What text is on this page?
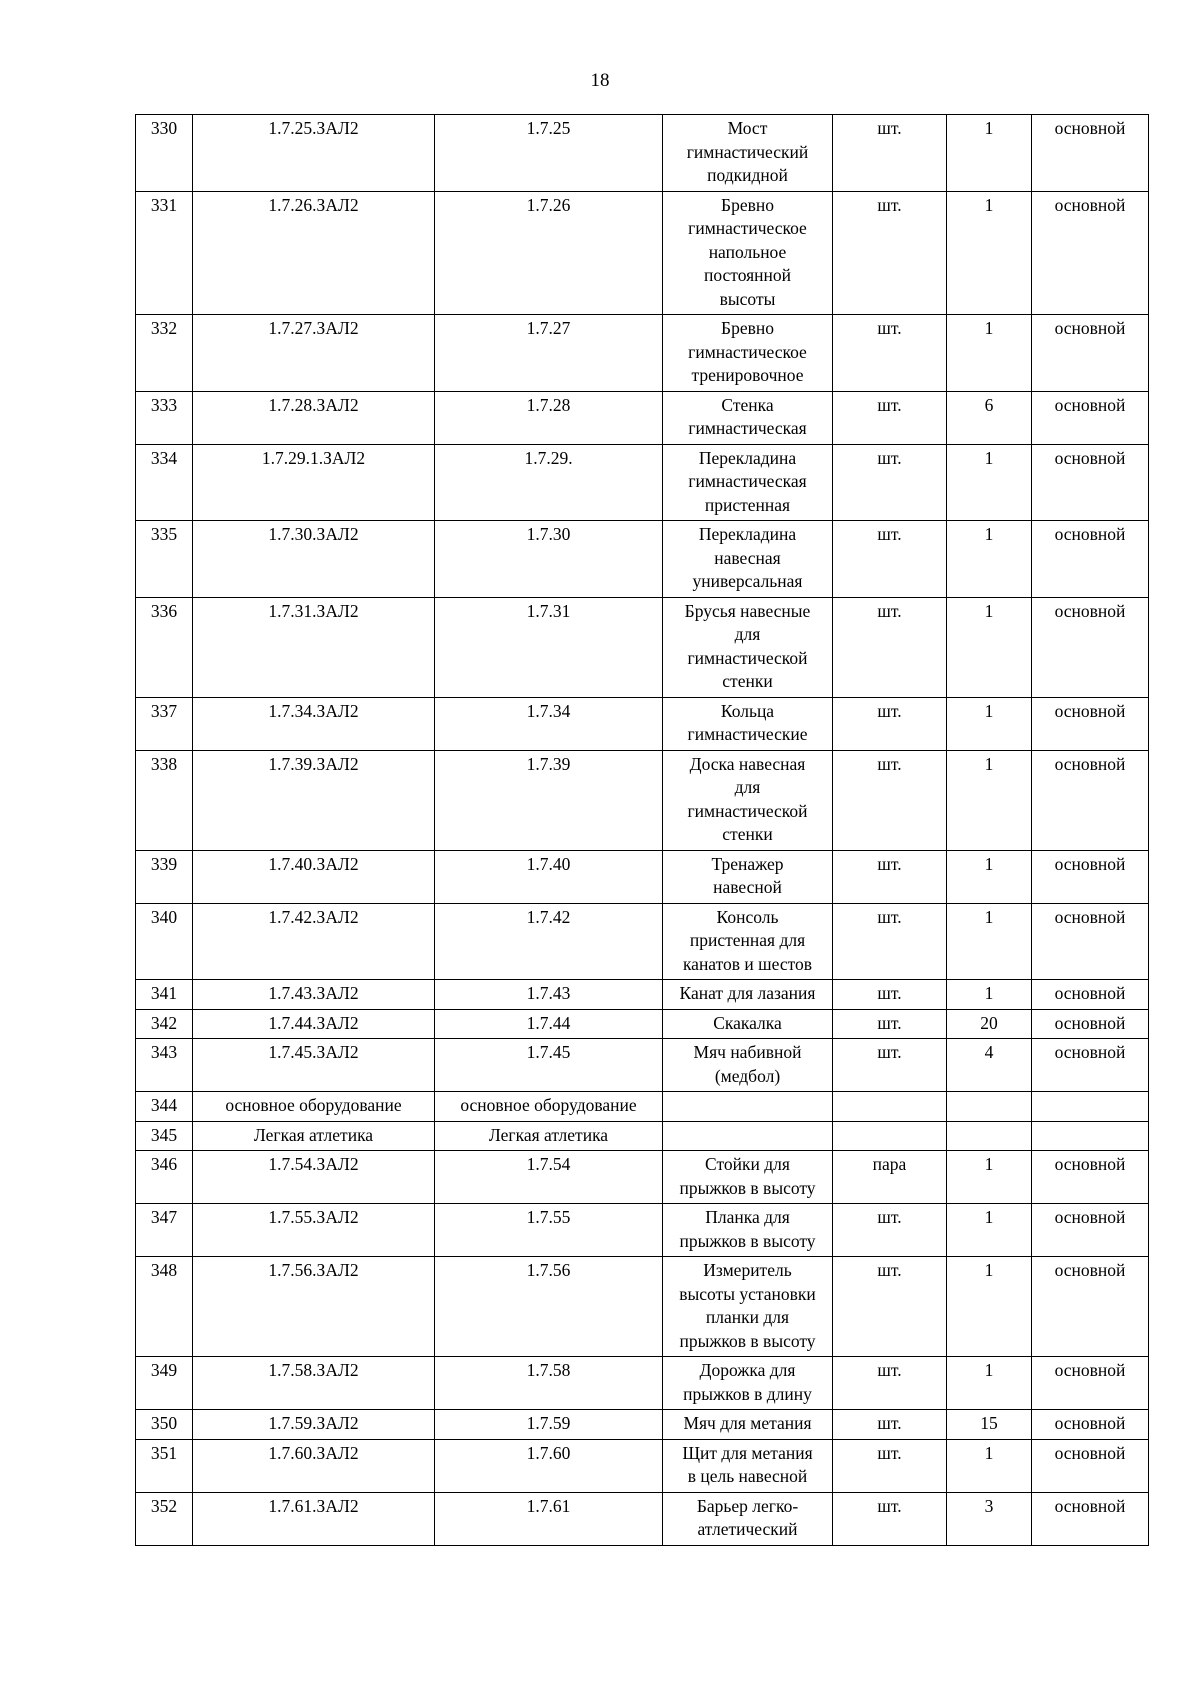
18
330	1.7.25.ЗАЛ2	1.7.25	Мост
гимнастический
подкидной	шт.	1	основной
331	1.7.26.ЗАЛ2	1.7.26	Бревно
гимнастическое
напольное
постоянной
высоты	шт.	1	основной
332	1.7.27.ЗАЛ2	1.7.27	Бревно
гимнастическое
тренировочное	шт.	1	основной
333	1.7.28.ЗАЛ2	1.7.28	Стенка
гимнастическая	шт.	6	основной
334	1.7.29.1.ЗАЛ2	1.7.29.	Перекладина
гимнастическая
пристенная	шт.	1	основной
335	1.7.30.ЗАЛ2	1.7.30	Перекладина
навесная
универсальная	шт.	1	основной
336	1.7.31.ЗАЛ2	1.7.31	Брусья навесные
для
гимнастической
стенки	шт.	1	основной
337	1.7.34.ЗАЛ2	1.7.34	Кольца
гимнастические	шт.	1	основной
338	1.7.39.ЗАЛ2	1.7.39	Доска навесная
для
гимнастической
стенки	шт.	1	основной
339	1.7.40.ЗАЛ2	1.7.40	Тренажер
навесной	шт.	1	основной
340	1.7.42.ЗАЛ2	1.7.42	Консоль
пристенная для
канатов и шестов	шт.	1	основной
341	1.7.43.ЗАЛ2	1.7.43	Канат для лазания	шт.	1	основной
342	1.7.44.ЗАЛ2	1.7.44	Скакалка	шт.	20	основной
343	1.7.45.ЗАЛ2	1.7.45	Мяч набивной
(медбол)	шт.	4	основной
344	основное оборудование	основное оборудование				
345	Легкая атлетика	Легкая атлетика				
346	1.7.54.ЗАЛ2	1.7.54	Стойки для
прыжков в высоту	пара	1	основной
347	1.7.55.ЗАЛ2	1.7.55	Планка для
прыжков в высоту	шт.	1	основной
348	1.7.56.ЗАЛ2	1.7.56	Измеритель
высоты установки
планки для
прыжков в высоту	шт.	1	основной
349	1.7.58.ЗАЛ2	1.7.58	Дорожка для
прыжков в длину	шт.	1	основной
350	1.7.59.ЗАЛ2	1.7.59	Мяч для метания	шт.	15	основной
351	1.7.60.ЗАЛ2	1.7.60	Щит для метания
в цель навесной	шт.	1	основной
352	1.7.61.ЗАЛ2	1.7.61	Барьер легко-
атлетический	шт.	3	основной
